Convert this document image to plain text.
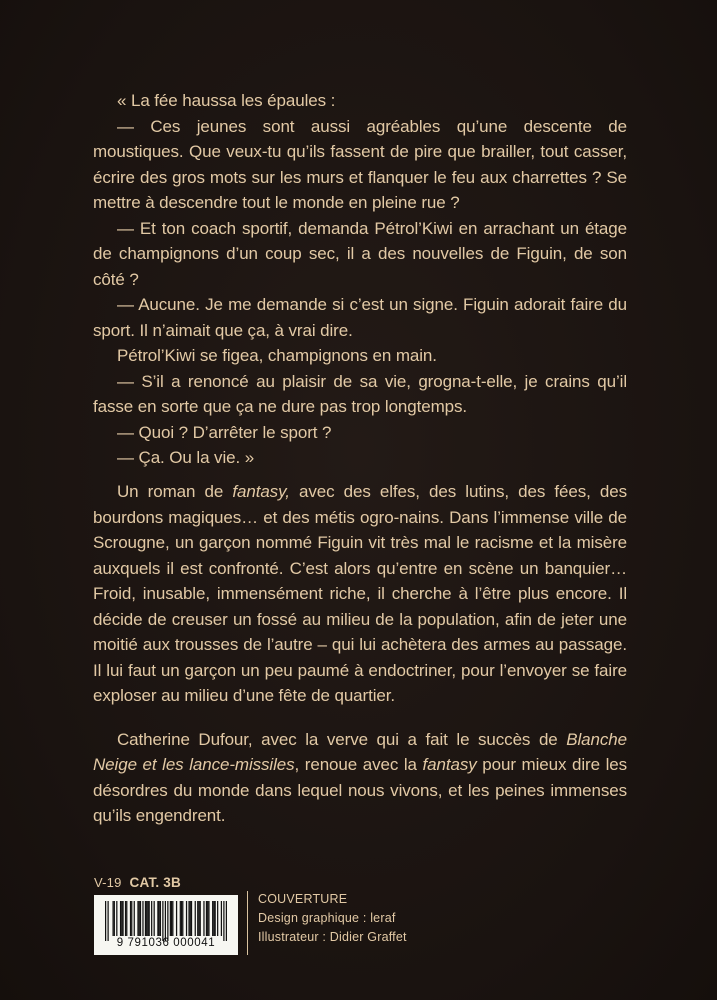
« La fée haussa les épaules :

— Ces jeunes sont aussi agréables qu’une descente de moustiques. Que veux-tu qu’ils fassent de pire que brailler, tout casser, écrire des gros mots sur les murs et flanquer le feu aux charrettes ? Se mettre à descendre tout le monde en pleine rue ?

— Et ton coach sportif, demanda Pétrol’Kiwi en arrachant un étage de champignons d’un coup sec, il a des nouvelles de Figuin, de son côté ?

— Aucune. Je me demande si c’est un signe. Figuin adorait faire du sport. Il n’aimait que ça, à vrai dire.

Pétrol’Kiwi se figea, champignons en main.

— S’il a renoncé au plaisir de sa vie, grogna-t-elle, je crains qu’il fasse en sorte que ça ne dure pas trop longtemps.

— Quoi ? D’arrêter le sport ?

— Ça. Ou la vie. »

Un roman de fantasy, avec des elfes, des lutins, des fées, des bourdons magiques… et des métis ogro-nains. Dans l’immense ville de Scrougne, un garçon nommé Figuin vit très mal le racisme et la misère auxquels il est confronté. C’est alors qu’entre en scène un banquier… Froid, inusable, immensément riche, il cherche à l’être plus encore. Il décide de creuser un fossé au milieu de la population, afin de jeter une moitié aux trousses de l’autre – qui lui achètera des armes au passage. Il lui faut un garçon un peu paumé à endoctriner, pour l’envoyer se faire exploser au milieu d’une fête de quartier.

Catherine Dufour, avec la verve qui a fait le succès de Blanche Neige et les lance-missiles, renoue avec la fantasy pour mieux dire les désordres du monde dans lequel nous vivons, et les peines immenses qu’ils engendrent.

V-19 CAT. 3B
9 791036 000041
COUVERTURE
Design graphique : leraf
Illustrateur : Didier Graffet
